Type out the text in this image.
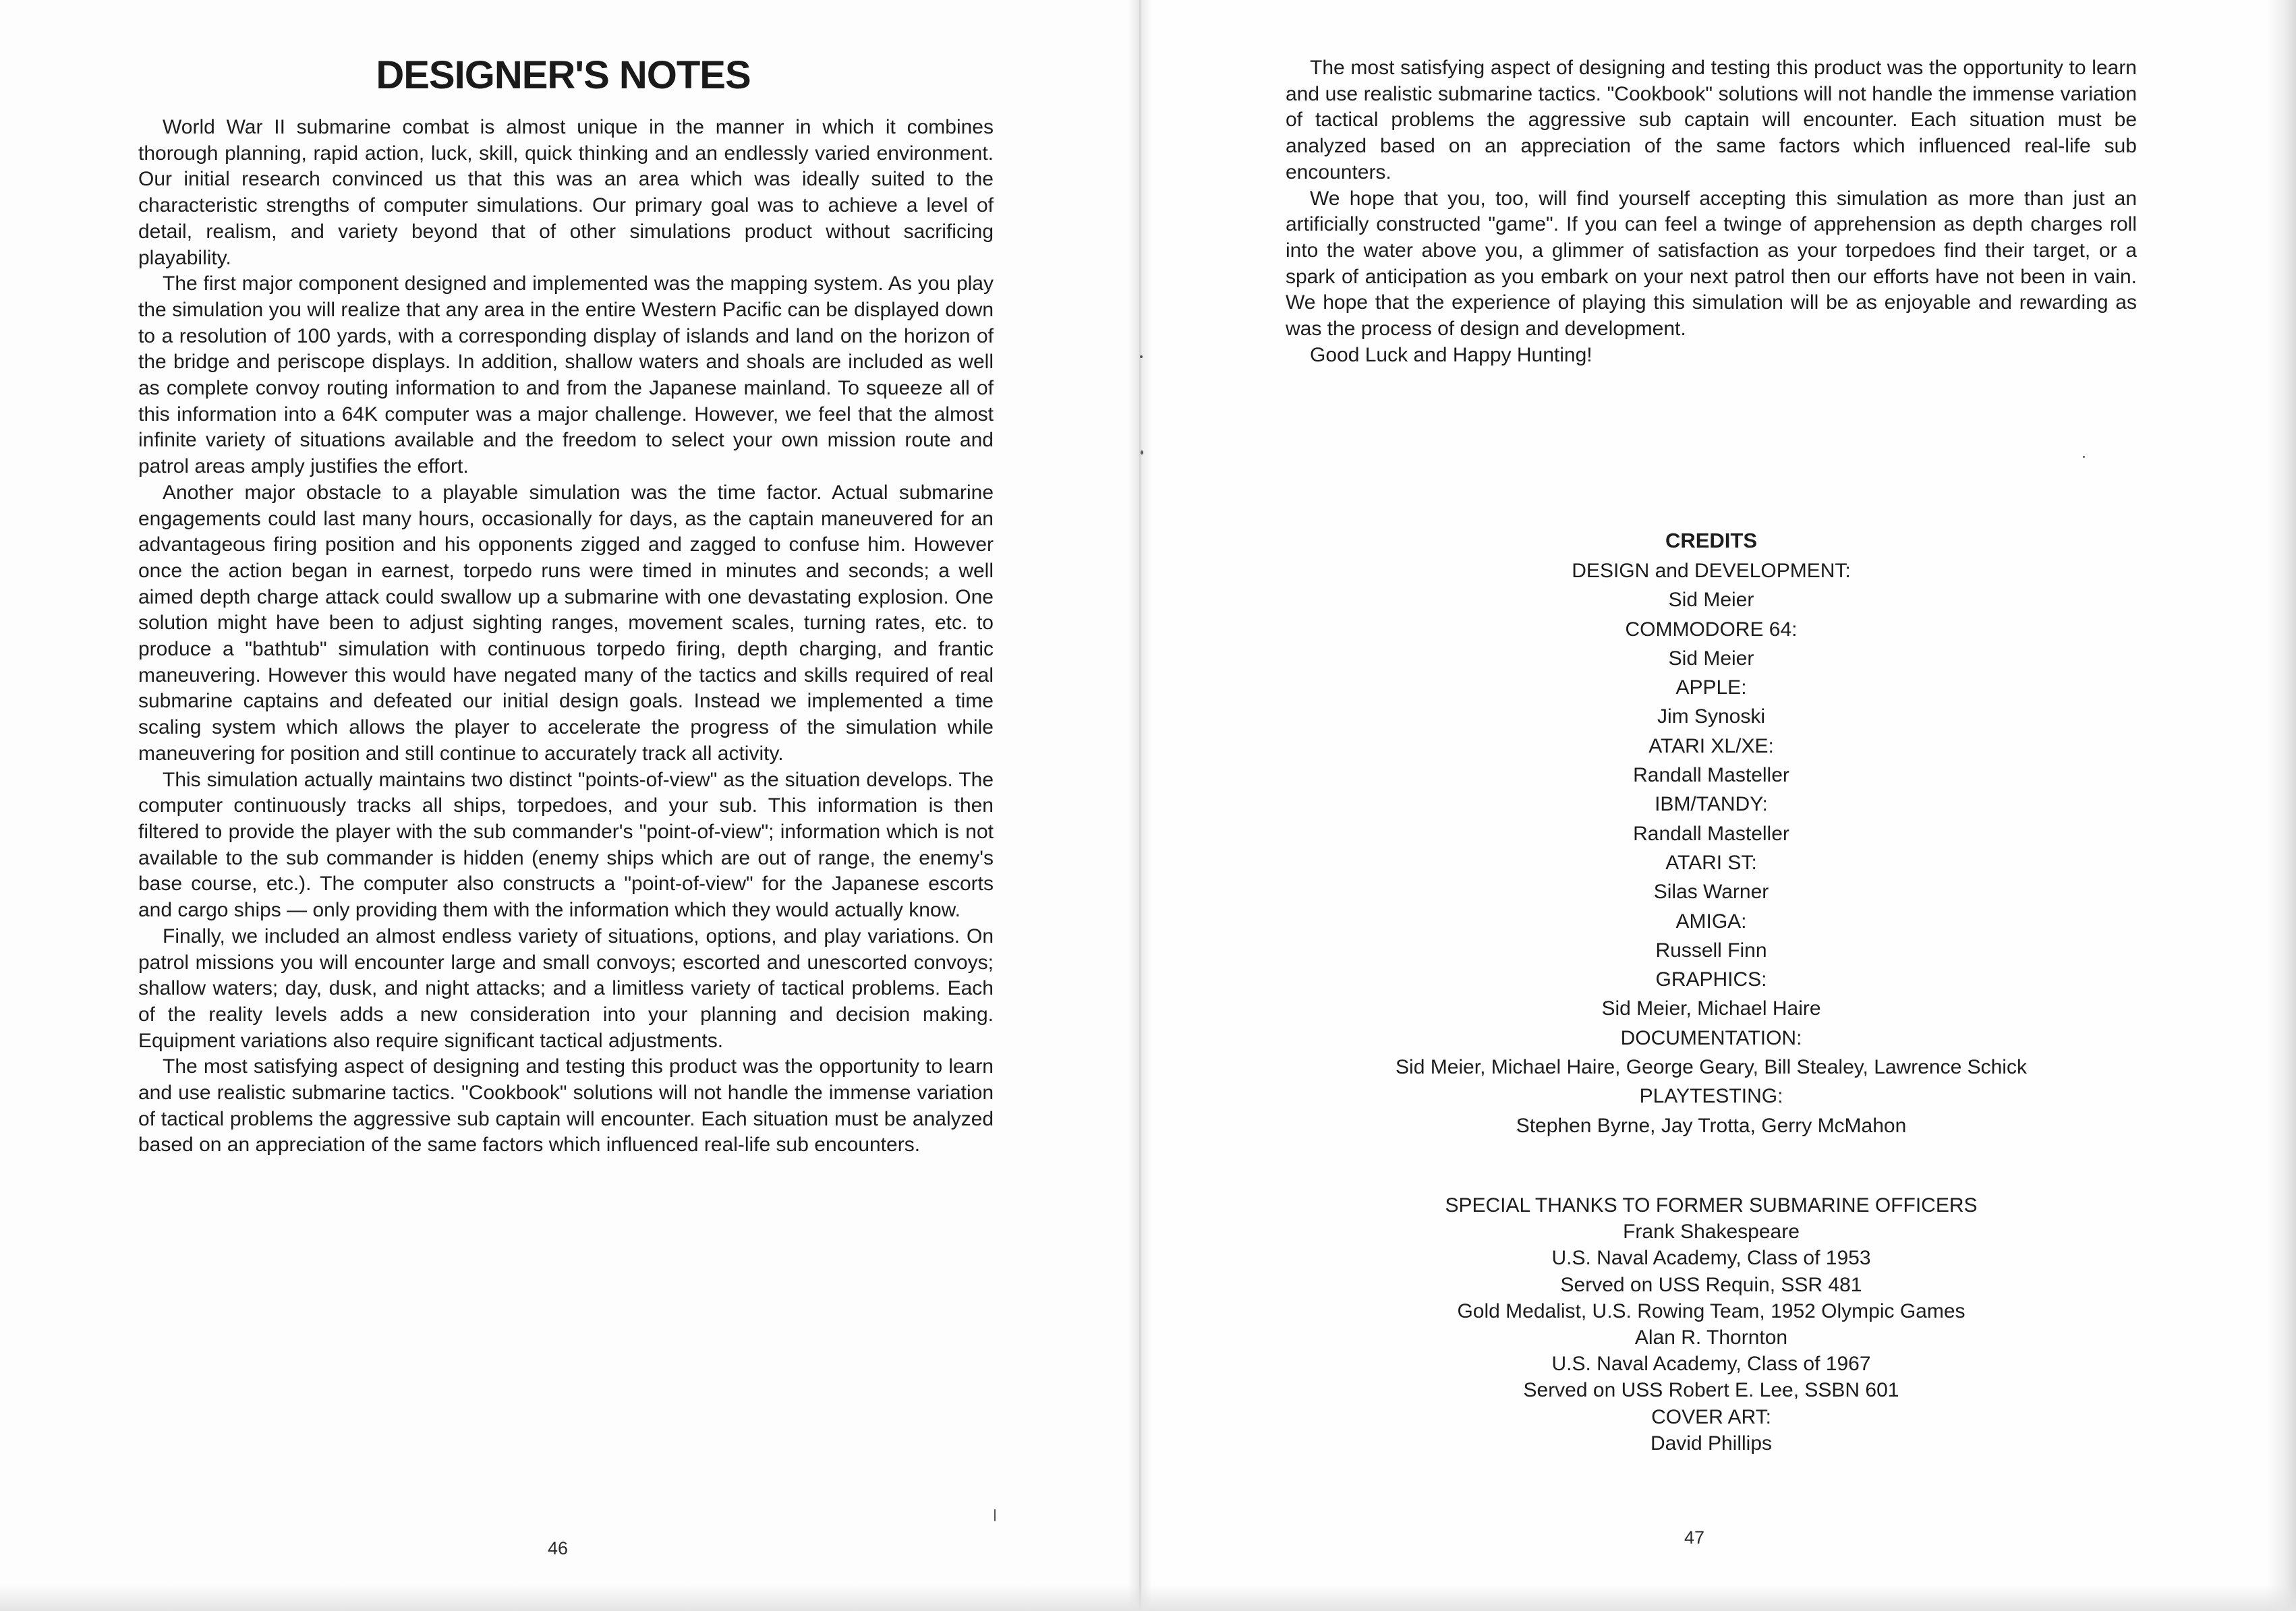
DESIGNER'S NOTES

World War II submarine combat is almost unique in the manner in which it combines thorough planning, rapid action, luck, skill, quick thinking and an endlessly varied environment. Our initial research convinced us that this was an area which was ideally suited to the characteristic strengths of computer simulations. Our primary goal was to achieve a level of detail, realism, and variety beyond that of other simulations product without sacrificing playability.

The first major component designed and implemented was the mapping system. As you play the simulation you will realize that any area in the entire Western Pacific can be displayed down to a resolution of 100 yards, with a corresponding display of islands and land on the horizon of the bridge and periscope displays. In addition, shallow waters and shoals are included as well as complete convoy routing information to and from the Japanese mainland. To squeeze all of this information into a 64K computer was a major challenge. However, we feel that the almost infinite variety of situations available and the freedom to select your own mission route and patrol areas amply justifies the effort.

Another major obstacle to a playable simulation was the time factor. Actual submarine engagements could last many hours, occasionally for days, as the captain maneuvered for an advantageous firing position and his opponents zigged and zagged to confuse him. However once the action began in earnest, torpedo runs were timed in minutes and seconds; a well aimed depth charge attack could swallow up a submarine with one devastating explosion. One solution might have been to adjust sighting ranges, movement scales, turning rates, etc. to produce a "bathtub" simulation with continuous torpedo firing, depth charging, and frantic maneuvering. However this would have negated many of the tactics and skills required of real submarine captains and defeated our initial design goals. Instead we implemented a time scaling system which allows the player to accelerate the progress of the simulation while maneuvering for position and still continue to accurately track all activity.

This simulation actually maintains two distinct "points-of-view" as the situation develops. The computer continuously tracks all ships, torpedoes, and your sub. This information is then filtered to provide the player with the sub commander's "point-of-view"; information which is not available to the sub commander is hidden (enemy ships which are out of range, the enemy's base course, etc.). The computer also constructs a "point-of-view" for the Japanese escorts and cargo ships — only providing them with the information which they would actually know.

Finally, we included an almost endless variety of situations, options, and play variations. On patrol missions you will encounter large and small convoys; escorted and unescorted convoys; shallow waters; day, dusk, and night attacks; and a limitless variety of tactical problems. Each of the reality levels adds a new consideration into your planning and decision making. Equipment variations also require significant tactical adjustments.

The most satisfying aspect of designing and testing this product was the opportunity to learn and use realistic submarine tactics. "Cookbook" solutions will not handle the immense variation of tactical problems the aggressive sub captain will encounter. Each situation must be analyzed based on an appreciation of the same factors which influenced real-life sub encounters.

46

The most satisfying aspect of designing and testing this product was the opportunity to learn and use realistic submarine tactics. "Cookbook" solutions will not handle the immense variation of tactical problems the aggressive sub captain will encounter. Each situation must be analyzed based on an appreciation of the same factors which influenced real-life sub encounters.

We hope that you, too, will find yourself accepting this simulation as more than just an artificially constructed "game". If you can feel a twinge of apprehension as depth charges roll into the water above you, a glimmer of satisfaction as your torpedoes find their target, or a spark of anticipation as you embark on your next patrol then our efforts have not been in vain. We hope that the experience of playing this simulation will be as enjoyable and rewarding as was the process of design and development.

Good Luck and Happy Hunting!

CREDITS
DESIGN and DEVELOPMENT:
Sid Meier
COMMODORE 64:
Sid Meier
APPLE:
Jim Synoski
ATARI XL/XE:
Randall Masteller
IBM/TANDY:
Randall Masteller
ATARI ST:
Silas Warner
AMIGA:
Russell Finn
GRAPHICS:
Sid Meier, Michael Haire
DOCUMENTATION:
Sid Meier, Michael Haire, George Geary, Bill Stealey, Lawrence Schick
PLAYTESTING:
Stephen Byrne, Jay Trotta, Gerry McMahon
SPECIAL THANKS TO FORMER SUBMARINE OFFICERS
Frank Shakespeare
U.S. Naval Academy, Class of 1953
Served on USS Requin, SSR 481
Gold Medalist, U.S. Rowing Team, 1952 Olympic Games
Alan R. Thornton
U.S. Naval Academy, Class of 1967
Served on USS Robert E. Lee, SSBN 601
COVER ART:
David Phillips
47
